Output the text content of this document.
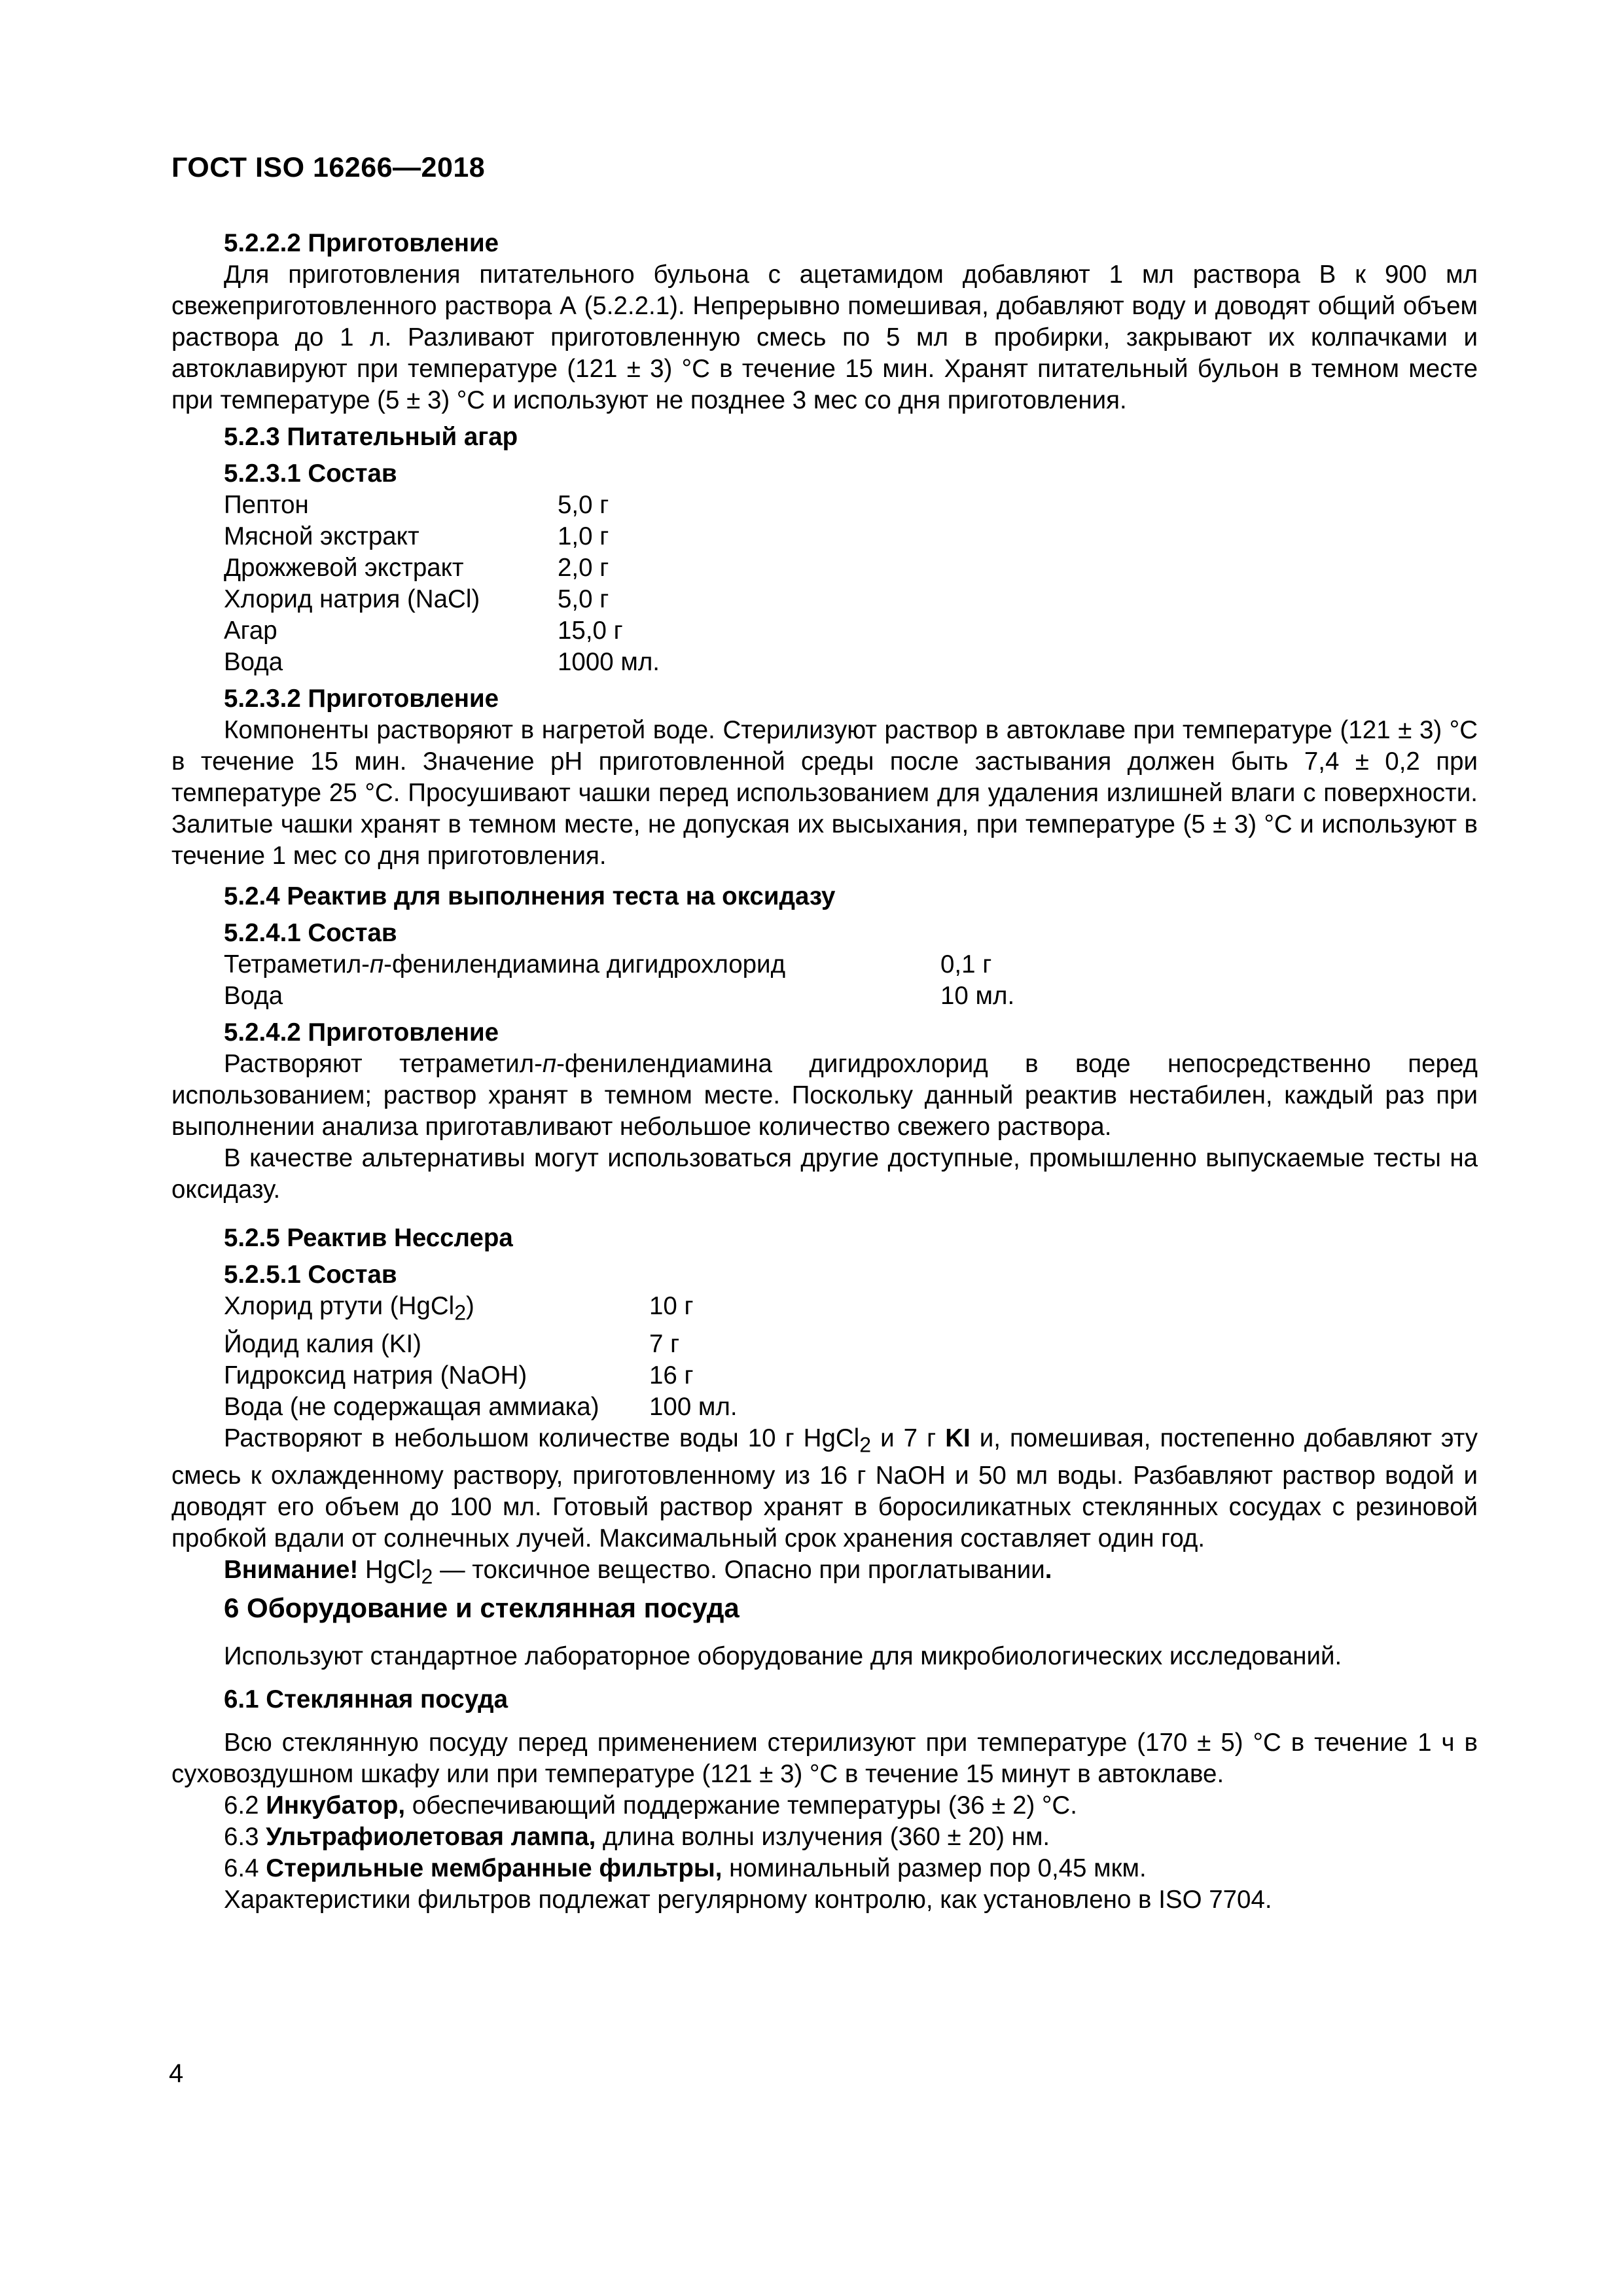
ГОСТ ISO 16266—2018
5.2.2.2 Приготовление
Для приготовления питательного бульона с ацетамидом добавляют 1 мл раствора В к 900 мл свежеприготовленного раствора А (5.2.2.1). Непрерывно помешивая, добавляют воду и доводят общий объем раствора до 1 л. Разливают приготовленную смесь по 5 мл в пробирки, закрывают их колпачками и автоклавируют при температуре (121 ± 3) °С в течение 15 мин. Хранят питательный бульон в темном месте при температуре (5 ± 3) °С и используют не позднее 3 мес со дня приготовления.
5.2.3 Питательный агар
5.2.3.1 Состав
Пептон	5,0 г
Мясной экстракт	1,0 г
Дрожжевой экстракт	2,0 г
Хлорид натрия (NaCl)	5,0 г
Агар	15,0 г
Вода	1000 мл.
5.2.3.2 Приготовление
Компоненты растворяют в нагретой воде. Стерилизуют раствор в автоклаве при температуре (121 ± 3) °С в течение 15 мин. Значение рН приготовленной среды после застывания должен быть 7,4 ± 0,2 при температуре 25 °С. Просушивают чашки перед использованием для удаления излишней влаги с поверхности. Залитые чашки хранят в темном месте, не допуская их высыхания, при температуре (5 ± 3) °С и используют в течение 1 мес со дня приготовления.
5.2.4 Реактив для выполнения теста на оксидазу
5.2.4.1 Состав
Тетраметил-п-фенилендиамина дигидрохлорид	0,1 г
Вода	10 мл.
5.2.4.2 Приготовление
Растворяют тетраметил-п-фенилендиамина дигидрохлорид в воде непосредственно перед использованием; раствор хранят в темном месте. Поскольку данный реактив нестабилен, каждый раз при выполнении анализа приготавливают небольшое количество свежего раствора.
В качестве альтернативы могут использоваться другие доступные, промышленно выпускаемые тесты на оксидазу.
5.2.5 Реактив Несслера
5.2.5.1 Состав
Хлорид ртути (HgCl$_2$)	10 г
Йодид калия (KI)	7 г
Гидроксид натрия (NaOH)	16 г
Вода (не содержащая аммиака)	100 мл.
Растворяют в небольшом количестве воды 10 г HgCl$_2$ и 7 г KI и, помешивая, постепенно добавляют эту смесь к охлажденному раствору, приготовленному из 16 г NaOH и 50 мл воды. Разбавляют раствор водой и доводят его объем до 100 мл. Готовый раствор хранят в боросиликатных стеклянных сосудах с резиновой пробкой вдали от солнечных лучей. Максимальный срок хранения составляет один год.
Внимание! HgCl$_2$ — токсичное вещество. Опасно при проглатывании.
6 Оборудование и стеклянная посуда
Используют стандартное лабораторное оборудование для микробиологических исследований.
6.1 Стеклянная посуда
Всю стеклянную посуду перед применением стерилизуют при температуре (170 ± 5) °С в течение 1 ч в суховоздушном шкафу или при температуре (121 ± 3) °С в течение 15 минут в автоклаве.
6.2 Инкубатор, обеспечивающий поддержание температуры (36 ± 2) °С.
6.3 Ультрафиолетовая лампа, длина волны излучения (360 ± 20) нм.
6.4 Стерильные мембранные фильтры, номинальный размер пор 0,45 мкм.
Характеристики фильтров подлежат регулярному контролю, как установлено в ISO 7704.
4
